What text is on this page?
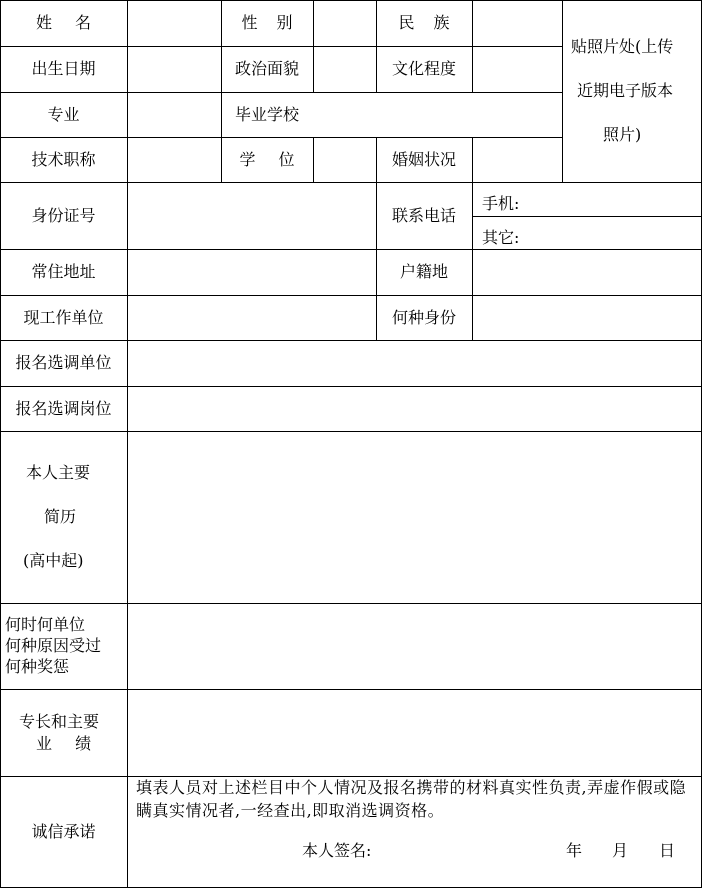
姓 名	性 别	民 族
贴照片处(上传
近期电子版本
照片)
出生日期	政治面貌	文化程度
专业	毕业学校
技术职称	学 位	婚姻状况
身份证号	联系电话
手机:
其它:
常住地址	户籍地
现工作单位	何种身份
报名选调单位
报名选调岗位
本人主要
简历
(高中起)
何时何单位
何种原因受过
何种奖惩
专长和主要
业 绩
诚信承诺
填表人员对上述栏目中个人情况及报名携带的材料真实性负责,弄虚作假或隐瞒真实情况者,一经查出,即取消选调资格。
本人签名:	年 月 日
